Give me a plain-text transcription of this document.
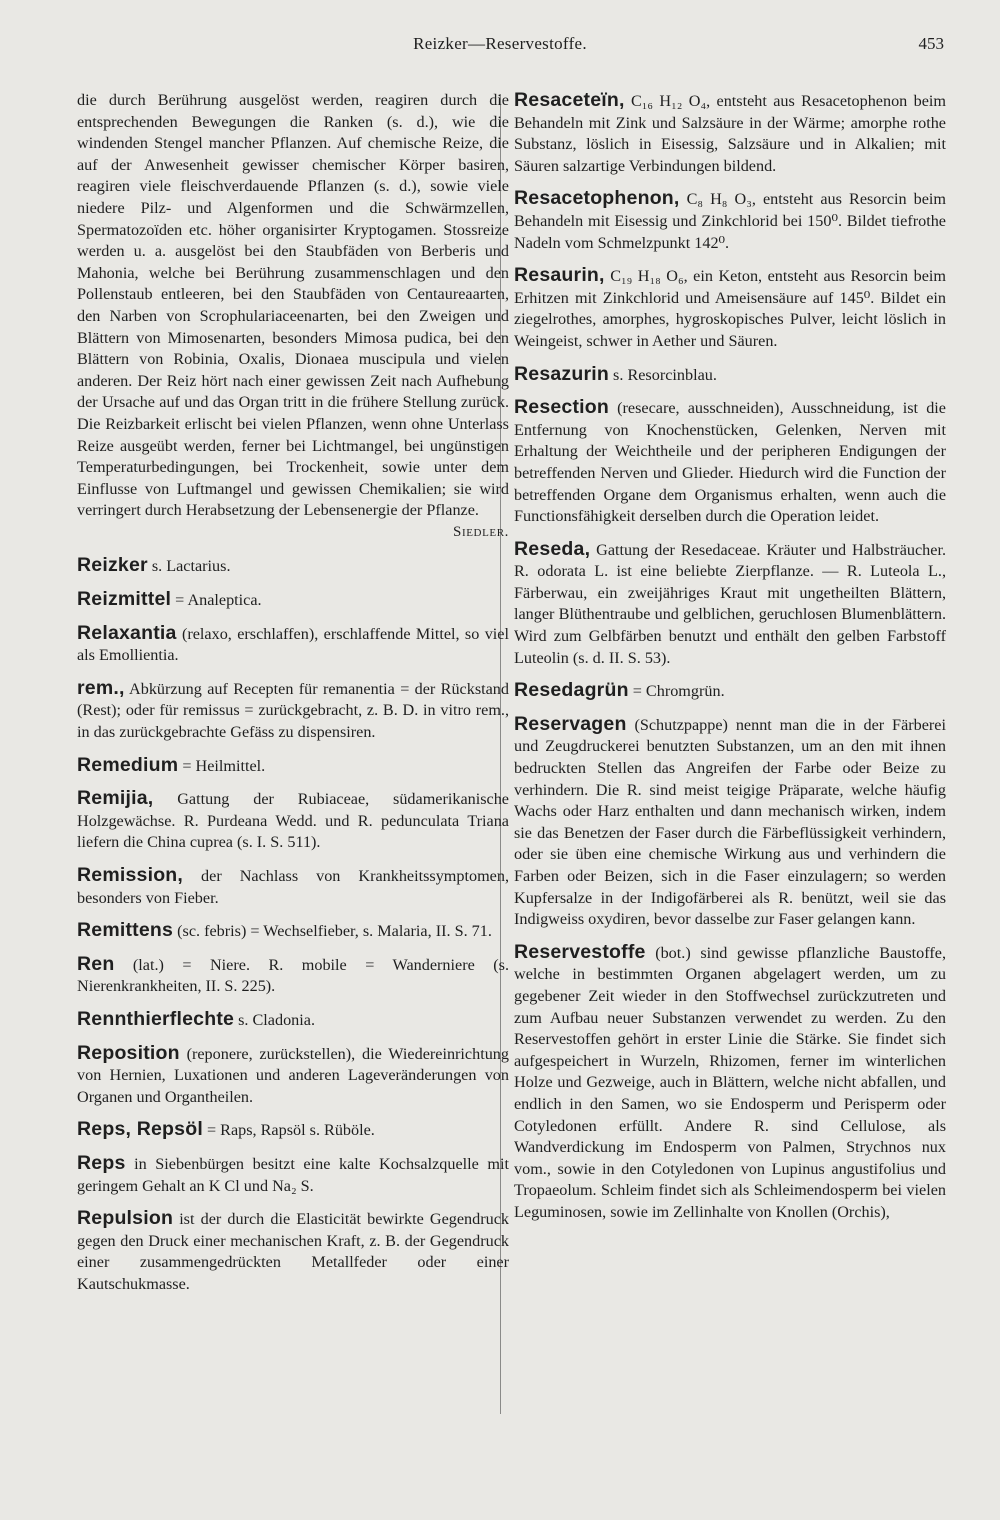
Reizker—Reservestoffe.	453

die durch Berührung ausgelöst werden, reagiren durch die entsprechenden Bewegungen die Ranken (s. d.), wie die windenden Stengel mancher Pflanzen. Auf chemische Reize, die auf der Anwesenheit gewisser chemischer Körper basiren, reagiren viele fleischverdauende Pflanzen (s. d.), sowie viele niedere Pilz- und Algenformen und die Schwärmzellen, Spermatozoïden etc. höher organisirter Kryptogamen. Stossreize werden u. a. ausgelöst bei den Staubfäden von Berberis und Mahonia, welche bei Berührung zusammenschlagen und den Pollenstaub entleeren, bei den Staubfäden von Centaureaarten, den Narben von Scrophulariaceenarten, bei den Zweigen und Blättern von Mimosenarten, besonders Mimosa pudica, bei den Blättern von Robinia, Oxalis, Dionaea muscipula und vielen anderen. Der Reiz hört nach einer gewissen Zeit nach Aufhebung der Ursache auf und das Organ tritt in die frühere Stellung zurück. Die Reizbarkeit erlischt bei vielen Pflanzen, wenn ohne Unterlass Reize ausgeübt werden, ferner bei Lichtmangel, bei ungünstigen Temperaturbedingungen, bei Trockenheit, sowie unter dem Einflusse von Luftmangel und gewissen Chemikalien; sie wird verringert durch Herabsetzung der Lebensenergie der Pflanze.
Siedler.

Reizker s. Lactarius.

Reizmittel = Analeptica.

Relaxantia (relaxo, erschlaffen), erschlaffende Mittel, so viel als Emollientia.

rem., Abkürzung auf Recepten für remanentia = der Rückstand (Rest); oder für remissus = zurückgebracht, z. B. D. in vitro rem., in das zurückgebrachte Gefäss zu dispensiren.

Remedium = Heilmittel.

Remijia, Gattung der Rubiaceae, südamerikanische Holzgewächse. R. Purdeana Wedd. und R. pedunculata Triana liefern die China cuprea (s. I. S. 511).

Remission, der Nachlass von Krankheitssymptomen, besonders von Fieber.

Remittens (sc. febris) = Wechselfieber, s. Malaria, II. S. 71.

Ren (lat.) = Niere. R. mobile = Wanderniere (s. Nierenkrankheiten, II. S. 225).

Rennthierflechte s. Cladonia.

Reposition (reponere, zurückstellen), die Wiedereinrichtung von Hernien, Luxationen und anderen Lageveränderungen von Organen und Organtheilen.

Reps, Repsöl = Raps, Rapsöl s. Rüböle.

Reps in Siebenbürgen besitzt eine kalte Kochsalzquelle mit geringem Gehalt an K Cl und Na₂ S.

Repulsion ist der durch die Elasticität bewirkte Gegendruck gegen den Druck einer mechanischen Kraft, z. B. der Gegendruck einer zusammengedrückten Metallfeder oder einer Kautschukmasse.

Resaceteïn, C₁₆ H₁₂ O₄, entsteht aus Resacetophenon beim Behandeln mit Zink und Salzsäure in der Wärme; amorphe rothe Substanz, löslich in Eisessig, Salzsäure und in Alkalien; mit Säuren salzartige Verbindungen bildend.

Resacetophenon, C₈ H₈ O₃, entsteht aus Resorcin beim Behandeln mit Eisessig und Zinkchlorid bei 150⁰. Bildet tiefrothe Nadeln vom Schmelzpunkt 142⁰.

Resaurin, C₁₉ H₁₈ O₆, ein Keton, entsteht aus Resorcin beim Erhitzen mit Zinkchlorid und Ameisensäure auf 145⁰. Bildet ein ziegelrothes, amorphes, hygroskopisches Pulver, leicht löslich in Weingeist, schwer in Aether und Säuren.

Resazurin s. Resorcinblau.

Resection (resecare, ausschneiden), Ausschneidung, ist die Entfernung von Knochenstücken, Gelenken, Nerven mit Erhaltung der Weichtheile und der peripheren Endigungen der betreffenden Nerven und Glieder. Hiedurch wird die Function der betreffenden Organe dem Organismus erhalten, wenn auch die Functionsfähigkeit derselben durch die Operation leidet.

Reseda, Gattung der Resedaceae. Kräuter und Halbsträucher. R. odorata L. ist eine beliebte Zierpflanze. — R. Luteola L., Färberwau, ein zweijähriges Kraut mit ungetheilten Blättern, langer Blüthentraube und gelblichen, geruchlosen Blumenblättern. Wird zum Gelbfärben benutzt und enthält den gelben Farbstoff Luteolin (s. d. II. S. 53).

Resedagrün = Chromgrün.

Reservagen (Schutzpappe) nennt man die in der Färberei und Zeugdruckerei benutzten Substanzen, um an den mit ihnen bedruckten Stellen das Angreifen der Farbe oder Beize zu verhindern. Die R. sind meist teigige Präparate, welche häufig Wachs oder Harz enthalten und dann mechanisch wirken, indem sie das Benetzen der Faser durch die Färbeflüssigkeit verhindern, oder sie üben eine chemische Wirkung aus und verhindern die Farben oder Beizen, sich in die Faser einzulagern; so werden Kupfersalze in der Indigofärberei als R. benützt, weil sie das Indigweiss oxydiren, bevor dasselbe zur Faser gelangen kann.

Reservestoffe (bot.) sind gewisse pflanzliche Baustoffe, welche in bestimmten Organen abgelagert werden, um zu gegebener Zeit wieder in den Stoffwechsel zurückzutreten und zum Aufbau neuer Substanzen verwendet zu werden. Zu den Reservestoffen gehört in erster Linie die Stärke. Sie findet sich aufgespeichert in Wurzeln, Rhizomen, ferner im winterlichen Holze und Gezweige, auch in Blättern, welche nicht abfallen, und endlich in den Samen, wo sie Endosperm und Perisperm oder Cotyledonen erfüllt. Andere R. sind Cellulose, als Wandverdickung im Endosperm von Palmen, Strychnos nux vom., sowie in den Cotyledonen von Lupinus angustifolius und Tropaeolum. Schleim findet sich als Schleimendosperm bei vielen Leguminosen, sowie im Zellinhalte von Knollen (Orchis),
